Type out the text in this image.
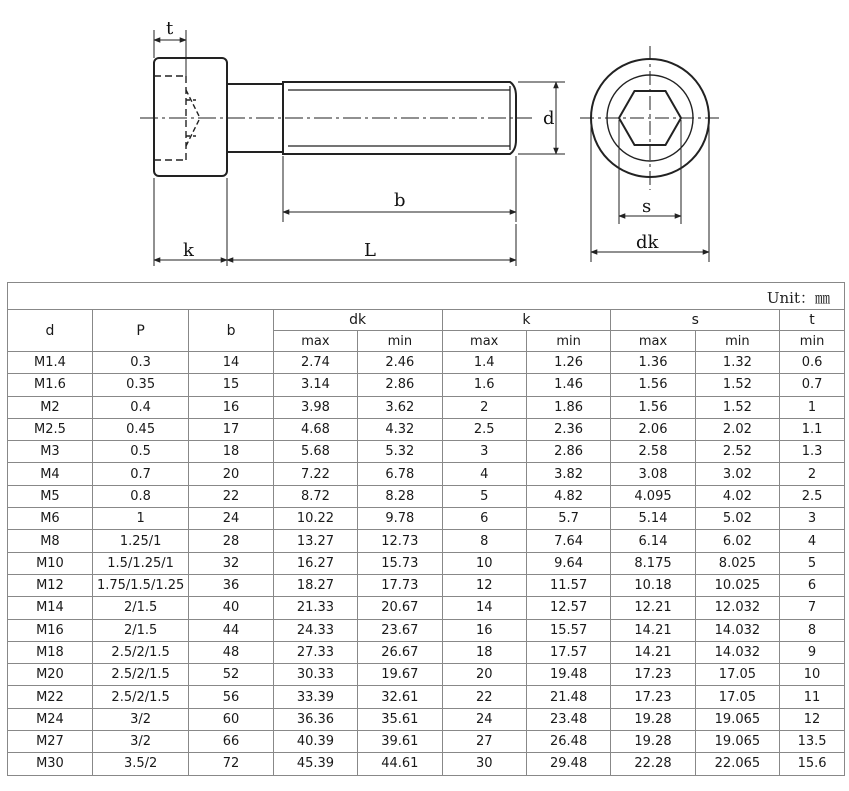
t
d
b
k	L
s
dk
Unit：㎜
d	P	b	dk		k		s		t
			max	min	max	min	max	min	min
M1.4	0.3	14	2.74	2.46	1.4	1.26	1.36	1.32	0.6
M1.6	0.35	15	3.14	2.86	1.6	1.46	1.56	1.52	0.7
M2	0.4	16	3.98	3.62	2	1.86	1.56	1.52	1
M2.5	0.45	17	4.68	4.32	2.5	2.36	2.06	2.02	1.1
M3	0.5	18	5.68	5.32	3	2.86	2.58	2.52	1.3
M4	0.7	20	7.22	6.78	4	3.82	3.08	3.02	2
M5	0.8	22	8.72	8.28	5	4.82	4.095	4.02	2.5
M6	1	24	10.22	9.78	6	5.7	5.14	5.02	3
M8	1.25/1	28	13.27	12.73	8	7.64	6.14	6.02	4
M10	1.5/1.25/1	32	16.27	15.73	10	9.64	8.175	8.025	5
M12	1.75/1.5/1.25	36	18.27	17.73	12	11.57	10.18	10.025	6
M14	2/1.5	40	21.33	20.67	14	12.57	12.21	12.032	7
M16	2/1.5	44	24.33	23.67	16	15.57	14.21	14.032	8
M18	2.5/2/1.5	48	27.33	26.67	18	17.57	14.21	14.032	9
M20	2.5/2/1.5	52	30.33	19.67	20	19.48	17.23	17.05	10
M22	2.5/2/1.5	56	33.39	32.61	22	21.48	17.23	17.05	11
M24	3/2	60	36.36	35.61	24	23.48	19.28	19.065	12
M27	3/2	66	40.39	39.61	27	26.48	19.28	19.065	13.5
M30	3.5/2	72	45.39	44.61	30	29.48	22.28	22.065	15.6
